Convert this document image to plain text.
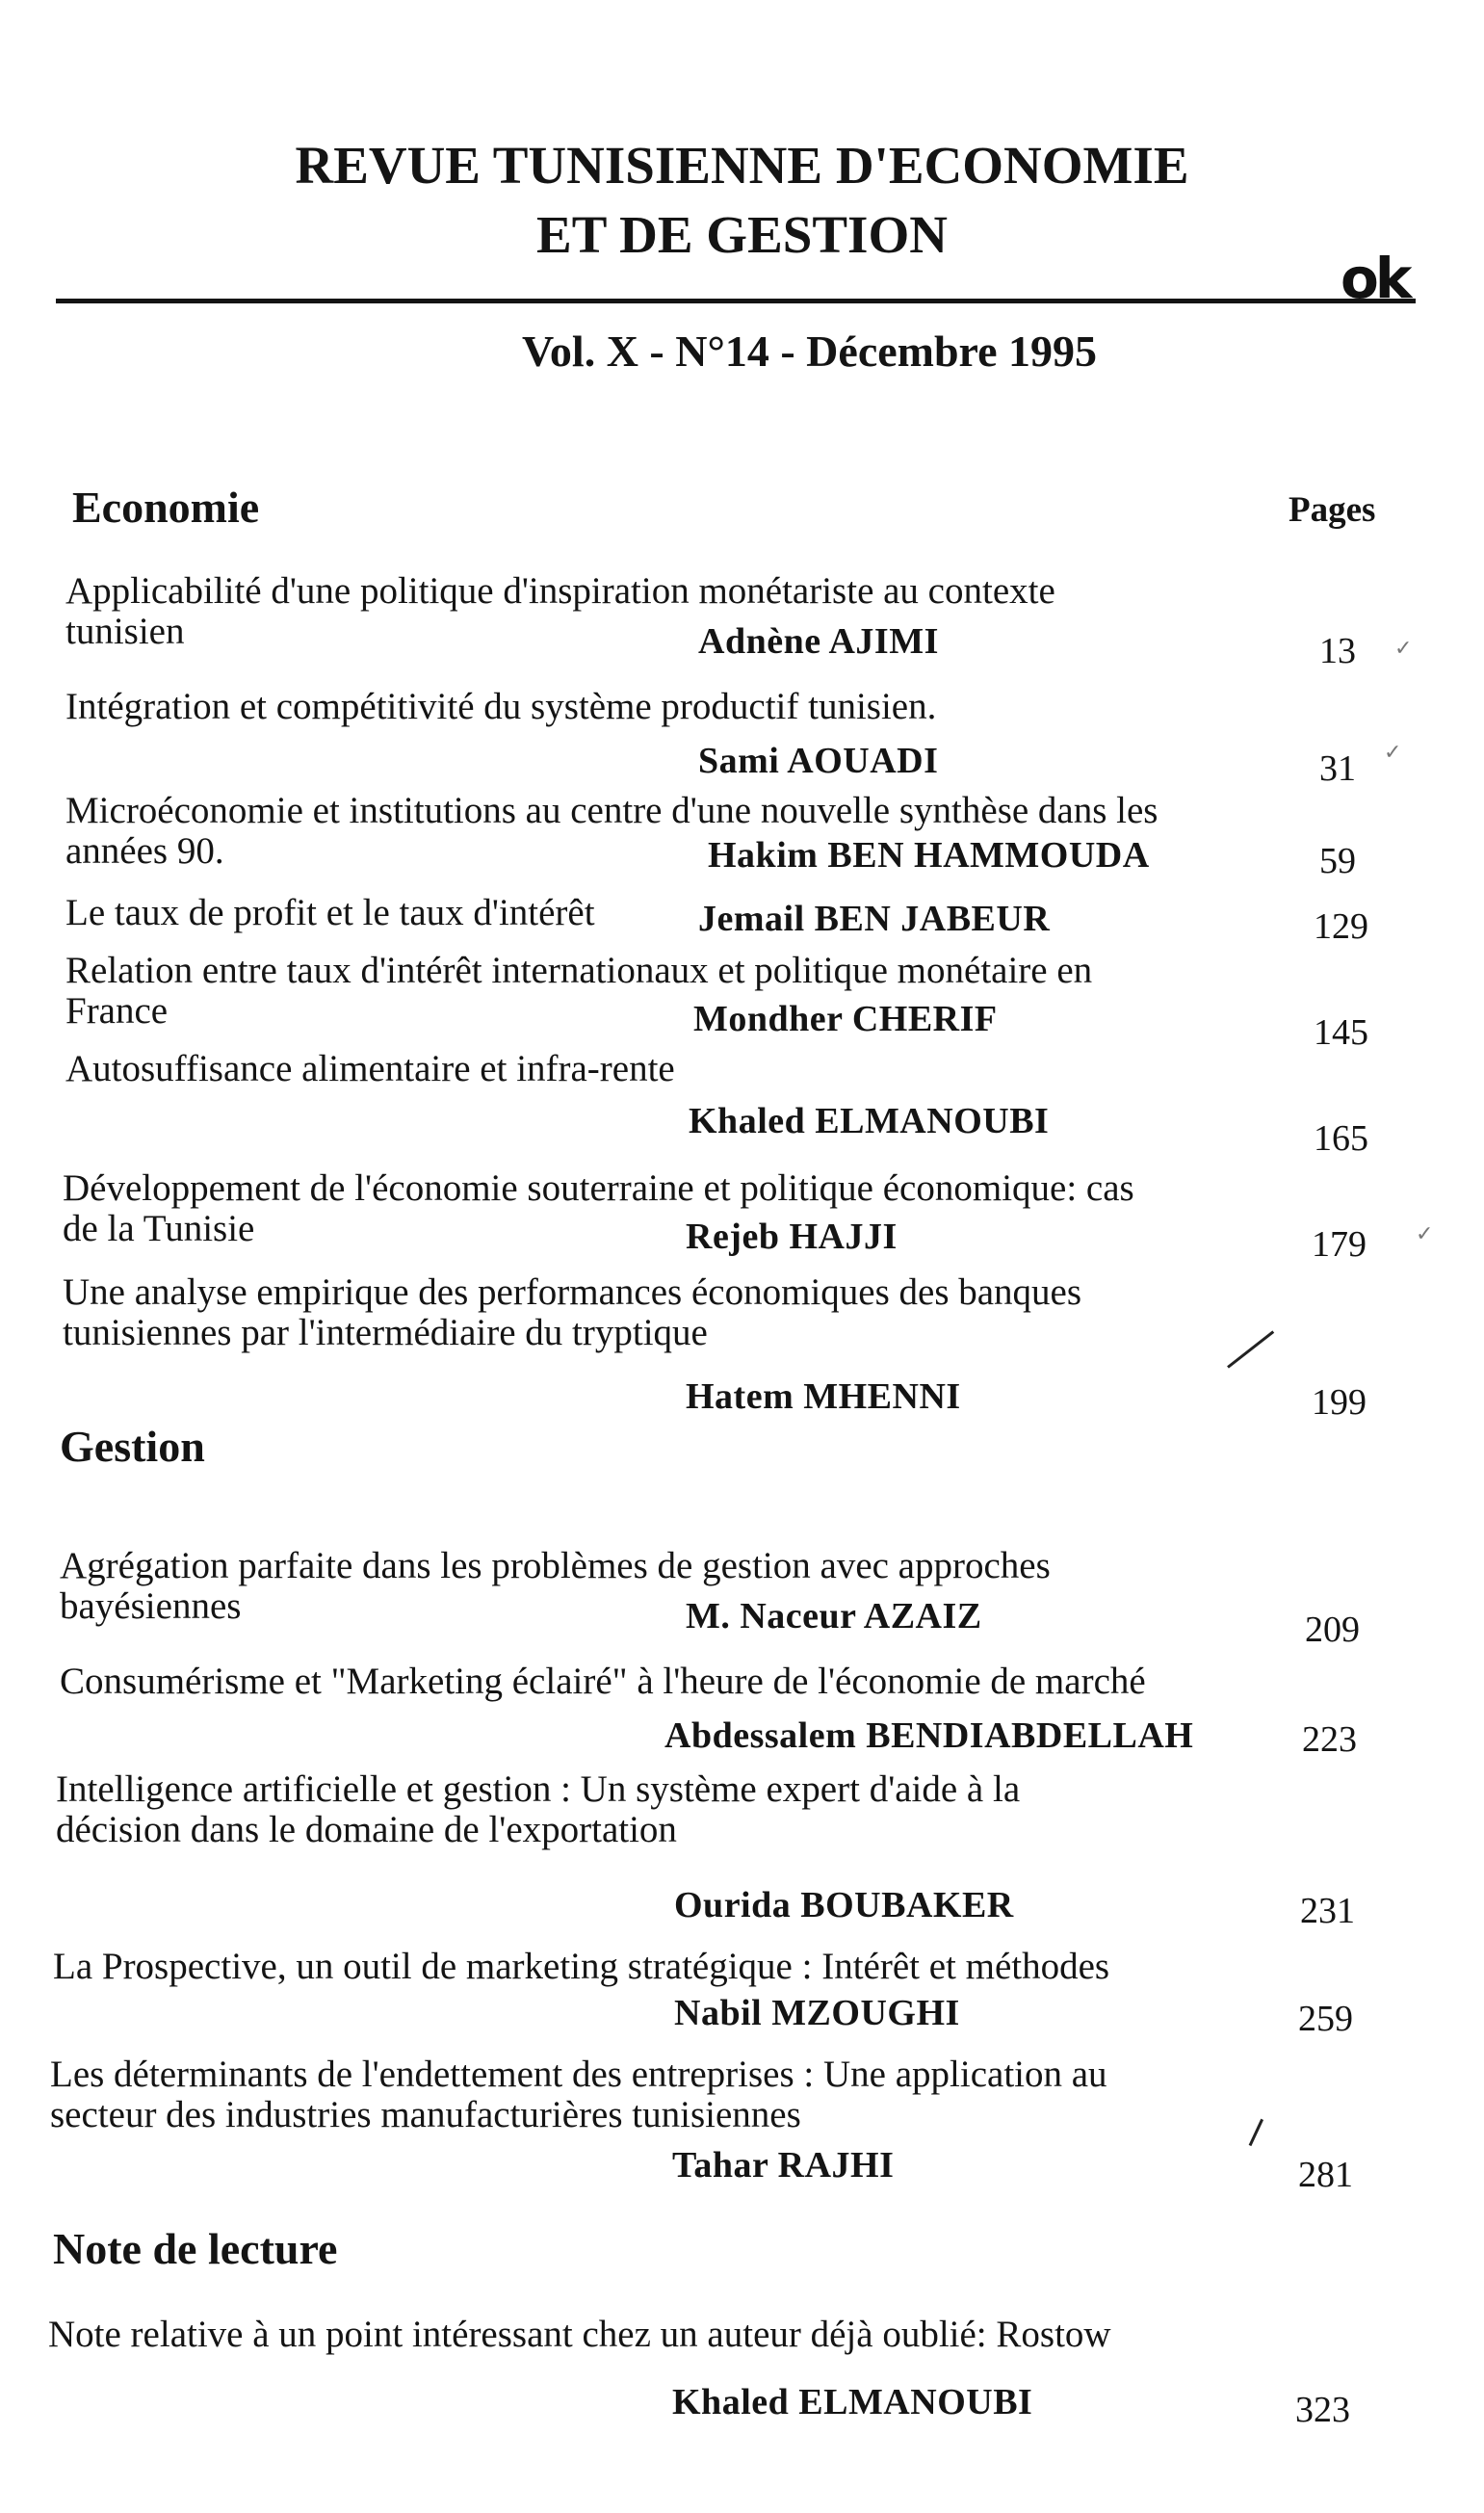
REVUE TUNISIENNE D'ECONOMIE
ET DE GESTION
ok
Vol. X - N°14 - Décembre 1995
Economie	Pages
Applicabilité d'une politique d'inspiration monétariste au contexte
tunisien	Adnène AJIMI	13 ✓
Intégration et compétitivité du système productif tunisien.
Sami AOUADI	31 ✓
Microéconomie et institutions au centre d'une nouvelle synthèse dans les
années 90.	Hakim BEN HAMMOUDA	59
Le taux de profit et le taux d'intérêt	Jemail BEN JABEUR	129
Relation entre taux d'intérêt internationaux et politique monétaire en
France	Mondher CHERIF	145
Autosuffisance alimentaire et infra-rente
Khaled ELMANOUBI	165
Développement de l'économie souterraine et politique économique: cas
de la Tunisie	Rejeb HAJJI	179 ✓
Une analyse empirique des performances économiques des banques
tunisiennes par l'intermédiaire du tryptique
Hatem MHENNI	199
Gestion
Agrégation parfaite dans les problèmes de gestion avec approches
bayésiennes	M. Naceur AZAIZ	209
Consumérisme et "Marketing éclairé" à l'heure de l'économie de marché
Abdessalem BENDIABDELLAH	223
Intelligence artificielle et gestion : Un système expert d'aide à la
décision dans le domaine de l'exportation
Ourida BOUBAKER	231
La Prospective, un outil de marketing stratégique : Intérêt et méthodes
Nabil MZOUGHI	259
Les déterminants de l'endettement des entreprises : Une application au
secteur des industries manufacturières tunisiennes
Tahar RAJHI	281
Note de lecture
Note relative à un point intéressant chez un auteur déjà oublié: Rostow
Khaled ELMANOUBI	323
